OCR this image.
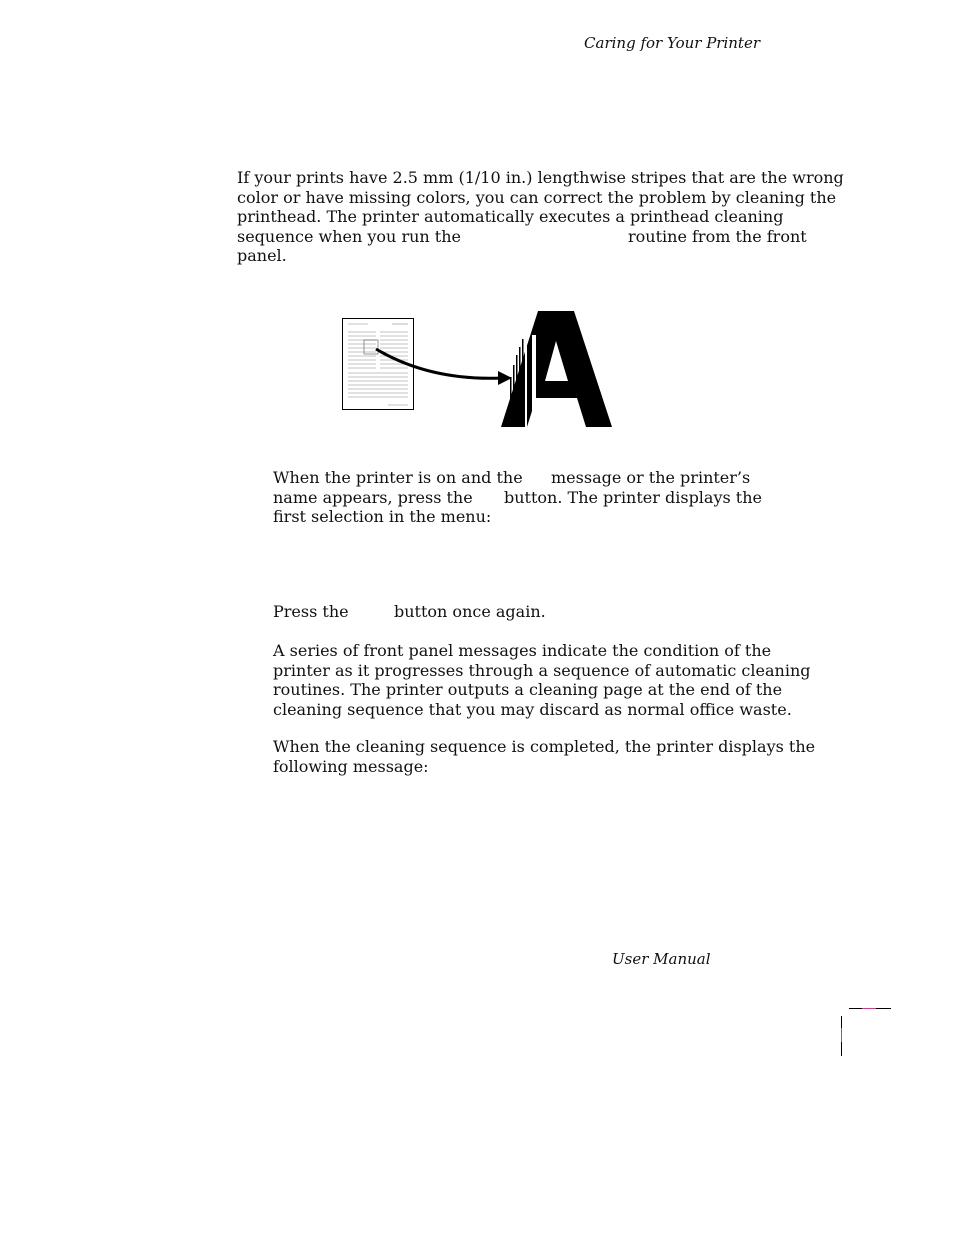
Caring for Your Printer
If your prints have 2.5 mm (1/10 in.) lengthwise stripes that are the wrong
color or have missing colors, you can correct the problem by cleaning the
printhead. The printer automatically executes a printhead cleaning
sequence when you run the	routine from the front
panel.
When the printer is on and the message or the printer’s
name appears, press the button. The printer displays the
first selection in the menu:
Press the	button once again.
A series of front panel messages indicate the condition of the
printer as it progresses through a sequence of automatic cleaning
routines. The printer outputs a cleaning page at the end of the
cleaning sequence that you may discard as normal office waste.
When the cleaning sequence is completed, the printer displays the
following message:
User Manual
